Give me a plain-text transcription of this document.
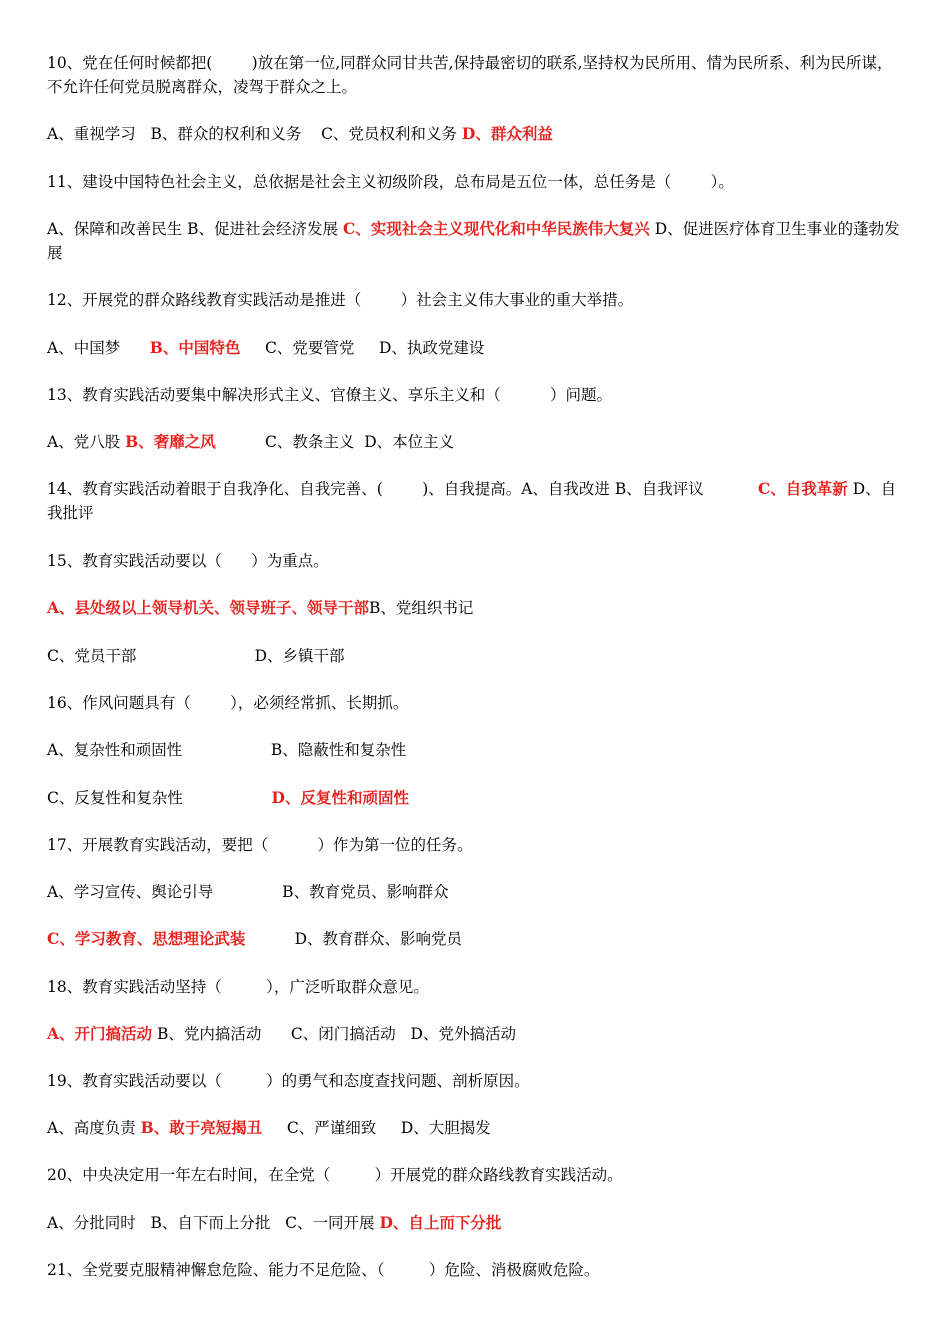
10、党在任何时候都把(        )放在第一位,同群众同甘共苦,保持最密切的联系,坚持权为民所用、情为民所系、利为民所谋，不允许任何党员脱离群众，凌驾于群众之上。
A、重视学习   B、群众的权利和义务    C、党员权利和义务 D、群众利益
11、建设中国特色社会主义，总依据是社会主义初级阶段，总布局是五位一体，总任务是（        ）。
A、保障和改善民生 B、促进社会经济发展 C、实现社会主义现代化和中华民族伟大复兴 D、促进医疗体育卫生事业的蓬勃发展
12、开展党的群众路线教育实践活动是推进（        ）社会主义伟大事业的重大举措。
A、中国梦      B、中国特色     C、党要管党     D、执政党建设
13、教育实践活动要集中解决形式主义、官僚主义、享乐主义和（          ）问题。
A、党八股 B、奢靡之风          C、教条主义  D、本位主义
14、教育实践活动着眼于自我净化、自我完善、(        )、自我提高。A、自我改进 B、自我评议           C、自我革新 D、自我批评
15、教育实践活动要以（      ）为重点。
A、县处级以上领导机关、领导班子、领导干部B、党组织书记
C、党员干部                        D、乡镇干部
16、作风问题具有（        ），必须经常抓、长期抓。
A、复杂性和顽固性                  B、隐蔽性和复杂性
C、反复性和复杂性                  D、反复性和顽固性
17、开展教育实践活动，要把（          ）作为第一位的任务。
A、学习宣传、舆论引导              B、教育党员、影响群众
C、学习教育、思想理论武装          D、教育群众、影响党员
18、教育实践活动坚持（         ），广泛听取群众意见。
A、开门搞活动 B、党内搞活动      C、闭门搞活动   D、党外搞活动
19、教育实践活动要以（         ）的勇气和态度查找问题、剖析原因。
A、高度负责 B、敢于亮短揭丑     C、严谨细致     D、大胆揭发
20、中央决定用一年左右时间，在全党（         ）开展党的群众路线教育实践活动。
A、分批同时   B、自下而上分批   C、一同开展 D、自上而下分批
21、全党要克服精神懈怠危险、能力不足危险、（         ）危险、消极腐败危险。
